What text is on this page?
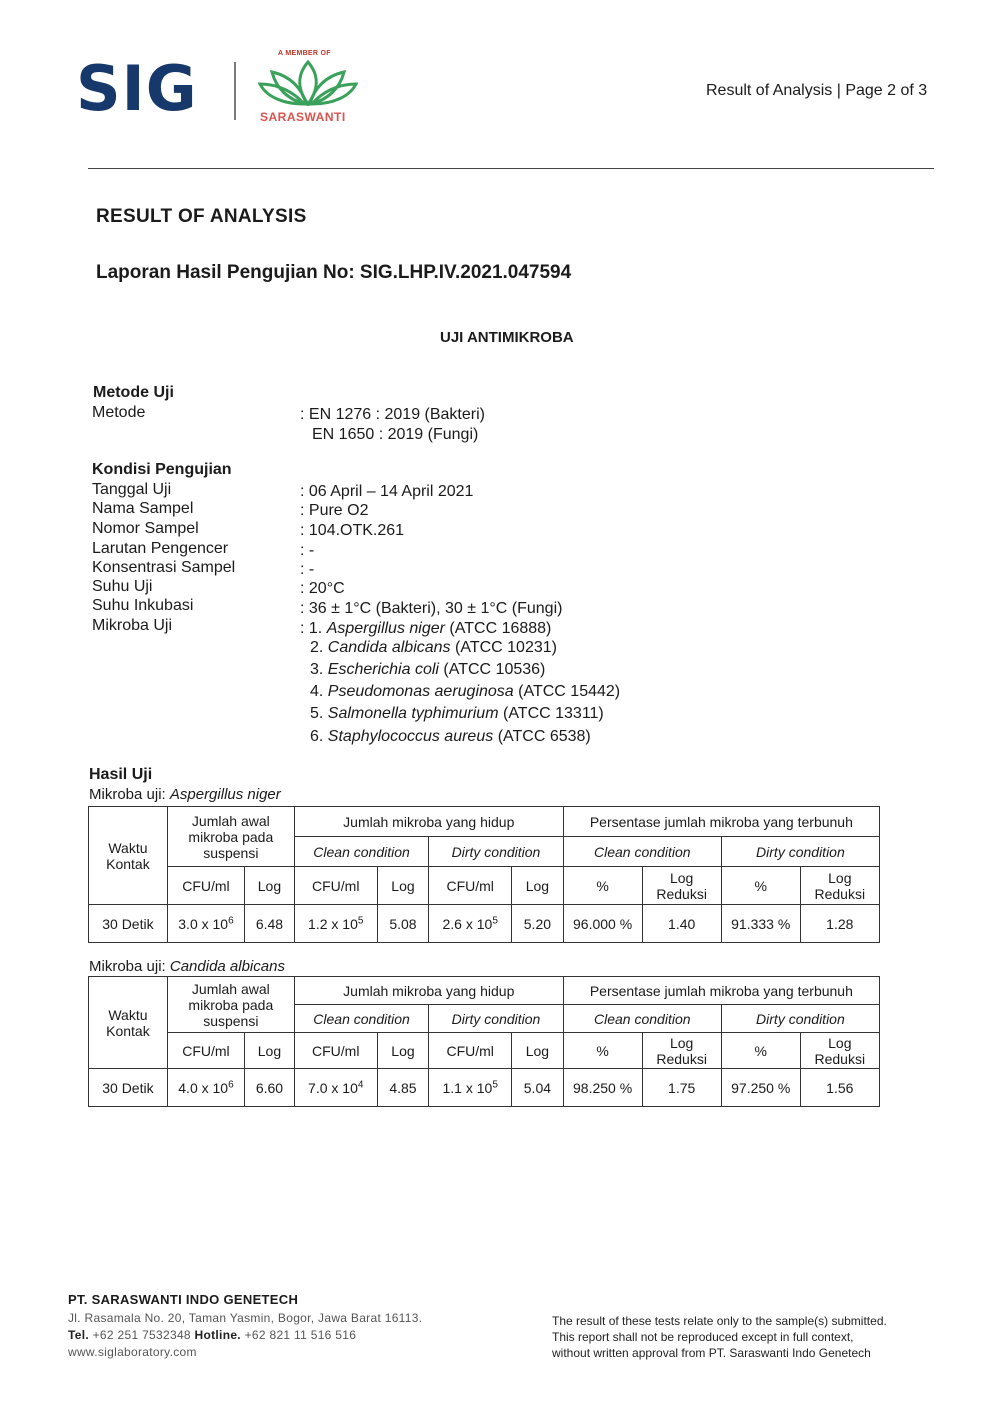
SIG	A MEMBER OF
SARASWANTI
Result of Analysis | Page 2 of 3
RESULT OF ANALYSIS
Laporan Hasil Pengujian No: SIG.LHP.IV.2021.047594
UJI ANTIMIKROBA
Metode Uji
Metode	: EN 1276 : 2019 (Bakteri)
EN 1650 : 2019 (Fungi)
Kondisi Pengujian
Tanggal Uji	: 06 April – 14 April 2021
Nama Sampel	: Pure O2
Nomor Sampel	: 104.OTK.261
Larutan Pengencer	: -
Konsentrasi Sampel	: -
Suhu Uji	: 20°C
Suhu Inkubasi	: 36 ± 1°C (Bakteri), 30 ± 1°C (Fungi)
Mikroba Uji	: 1. Aspergillus niger (ATCC 16888)
2. Candida albicans (ATCC 10231)
3. Escherichia coli (ATCC 10536)
4. Pseudomonas aeruginosa (ATCC 15442)
5. Salmonella typhimurium (ATCC 13311)
6. Staphylococcus aureus (ATCC 6538)
Hasil Uji
Mikroba uji: Aspergillus niger
Waktu Kontak	Jumlah awal mikroba pada suspensi		Jumlah mikroba yang hidup				Persentase jumlah mikroba yang terbunuh			
			Clean condition		Dirty condition		Clean condition		Dirty condition	
	CFU/ml	Log	CFU/ml	Log	CFU/ml	Log	%	Log Reduksi	%	Log Reduksi
30 Detik	3.0 x $10^6$	6.48	1.2 x $10^5$	5.08	2.6 x $10^5$	5.20	96.000 %	1.40	91.333 %	1.28
Mikroba uji: Candida albicans
Waktu Kontak	Jumlah awal mikroba pada suspensi		Jumlah mikroba yang hidup				Persentase jumlah mikroba yang terbunuh			
			Clean condition		Dirty condition		Clean condition		Dirty condition	
	CFU/ml	Log	CFU/ml	Log	CFU/ml	Log	%	Log Reduksi	%	Log Reduksi
30 Detik	4.0 x $10^6$	6.60	7.0 x $10^4$	4.85	1.1 x $10^5$	5.04	98.250 %	1.75	97.250 %	1.56
PT. SARASWANTI INDO GENETECH
Jl. Rasamala No. 20, Taman Yasmin, Bogor, Jawa Barat 16113.
Tel. +62 251 7532348 Hotline. +62 821 11 516 516
www.siglaboratory.com
The result of these tests relate only to the sample(s) submitted.
This report shall not be reproduced except in full context,
without written approval from PT. Saraswanti Indo Genetech
